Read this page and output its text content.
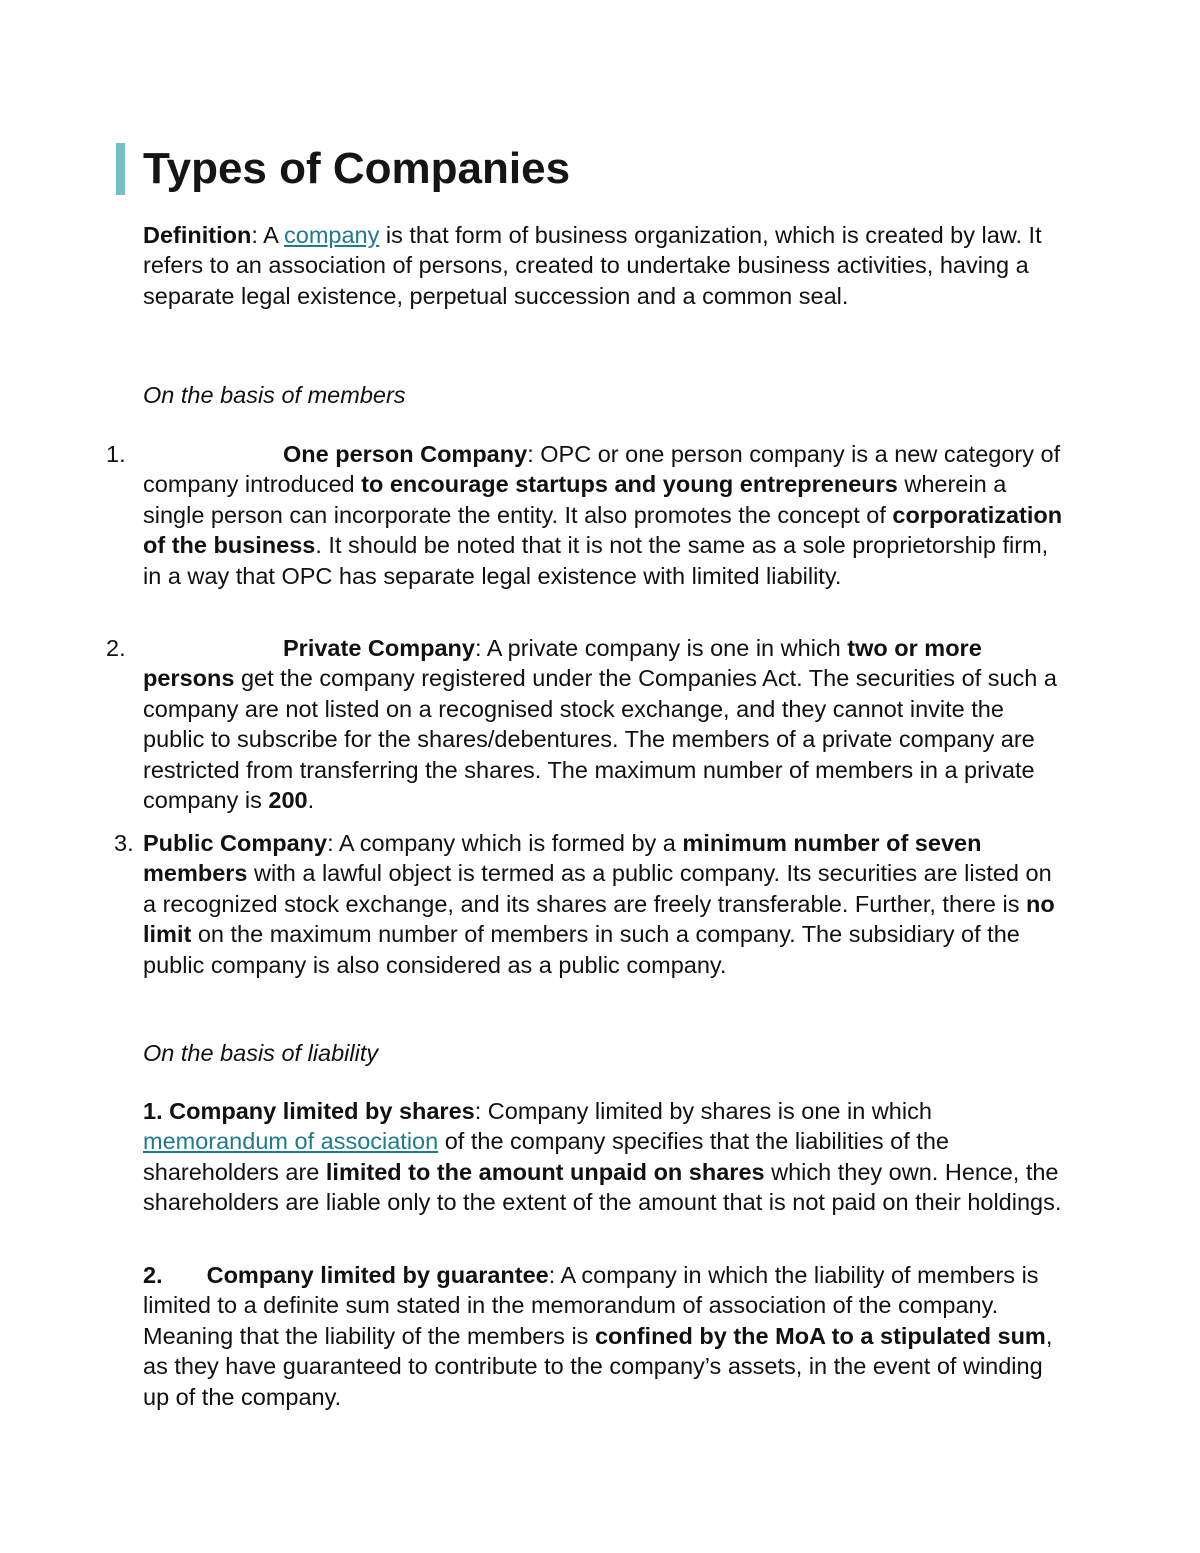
Types of Companies

Definition: A company is that form of business organization, which is created by law. It refers to an association of persons, created to undertake business activities, having a separate legal existence, perpetual succession and a common seal.

On the basis of members

1.	One person Company: OPC or one person company is a new category of company introduced to encourage startups and young entrepreneurs wherein a single person can incorporate the entity. It also promotes the concept of corporatization of the business. It should be noted that it is not the same as a sole proprietorship firm, in a way that OPC has separate legal existence with limited liability.

2.	Private Company: A private company is one in which two or more persons get the company registered under the Companies Act. The securities of such a company are not listed on a recognised stock exchange, and they cannot invite the public to subscribe for the shares/debentures. The members of a private company are restricted from transferring the shares. The maximum number of members in a private company is 200.

3. Public Company: A company which is formed by a minimum number of seven members with a lawful object is termed as a public company. Its securities are listed on a recognized stock exchange, and its shares are freely transferable. Further, there is no limit on the maximum number of members in such a company. The subsidiary of the public company is also considered as a public company.

On the basis of liability

1. Company limited by shares: Company limited by shares is one in which memorandum of association of the company specifies that the liabilities of the shareholders are limited to the amount unpaid on shares which they own. Hence, the shareholders are liable only to the extent of the amount that is not paid on their holdings.

2. Company limited by guarantee: A company in which the liability of members is limited to a definite sum stated in the memorandum of association of the company. Meaning that the liability of the members is confined by the MoA to a stipulated sum, as they have guaranteed to contribute to the company’s assets, in the event of winding up of the company.
